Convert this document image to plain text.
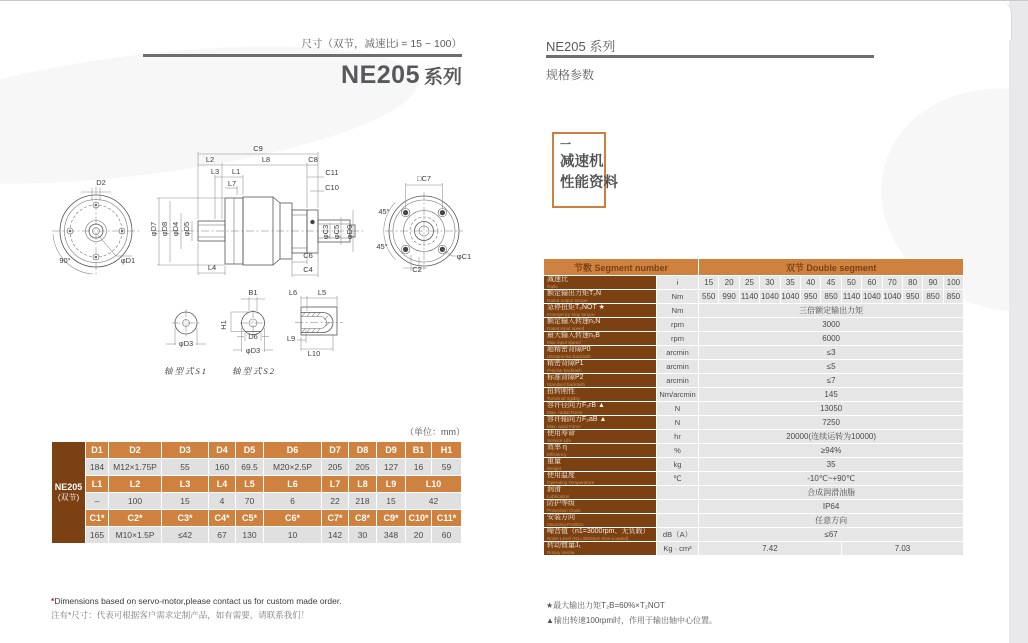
尺寸（双节，减速比i = 15 ~ 100）
NE205 系列
NE205 系列
规格参数
一
减速机
性能资料
D2
90°	φD1
C9
L2	L8	C8
L3 L1	C11
L7	C10
φD7 φD8 φD4 φD5	φC3 φC5 φD9
L4
C6
C4
□C7
45°
45°
φC1
C2
φD3
B1
H1
D6
φD3
L6	L5
L9
L10
轴型式S1	轴型式S2
（单位：mm）
NE205
(双节)	D1	D2	D3	D4	D5	D6	D7	D8	D9	B1	H1
	184	M12×1.75P	55	160	69.5	M20×2.5P	205	205	127	16	59
	L1	L2	L3	L4	L5	L6	L7	L8	L9	L10	
	–	100	15	4	70	6	22	218	15	42	
	C1*	C2*	C3*	C4*	C5*	C6*	C7*	C8*	C9*	C10*	C11*
	165	M10×1.5P	≤42	67	130	10	142	30	348	20	60
节数 Segment number		双节 Double segment												

减速比
Ratio	i	15	20	25	30	35	40	45	50	60	70	80	90	100

额定输出力矩T₂N
Rated output torque	Nm	550	990	1140	1040	1040	950	850	1140	1040	1040	950	850	850

急停扭矩T₂NOT ★
Emergency stop torque	Nm	三倍额定输出力矩												

额定输入转速n₁N
Rated input speed	rpm	3000												

最大输入转速n₁B
Max input speed	rpm	6000												

超精密背隙P0
Ultraprecise backlash	arcmin	≤3												

精密背隙P1
Precise backlash	arcmin	≤5												

标准背隙P2
Standard backlash	arcmin	≤7												

扭转刚性
Torsional rigidity	Nm/arcmin	145												

容许径向力F₂rB ▲
Max. radial Force	N	13050												

容许轴向力F₂aB ▲
Max. axial Force	N	7250												

使用寿命
Service Life	hr	20000(连续运转为10000)												

效率 η
Efficiency	%	≥94%												

重量
Weight	kg	35												

使用温度
Operating Temperature	℃	-10℃~+90℃												

润滑
Lubrication		合成润滑油脂												

防护等级
Protection Class		IP64												

安装方向
Mounting Position		任意方向												

噪音值（n1=3000rpm、无负载）
Noise Level (N1=3000rpm,Non-Loaded)	dB（A）	≤67												

转动惯量J₁
Rotary inertia	Kg · cm²	7.42							7.03					
*Dimensions based on servo-motor,please contact us for custom made order.
注有*尺寸：代表可根据客户需求定制产品，如有需要，请联系我们！
★最大输出力矩T₂B=60%×T₂NOT
▲输出转速100rpm时，作用于输出轴中心位置。
